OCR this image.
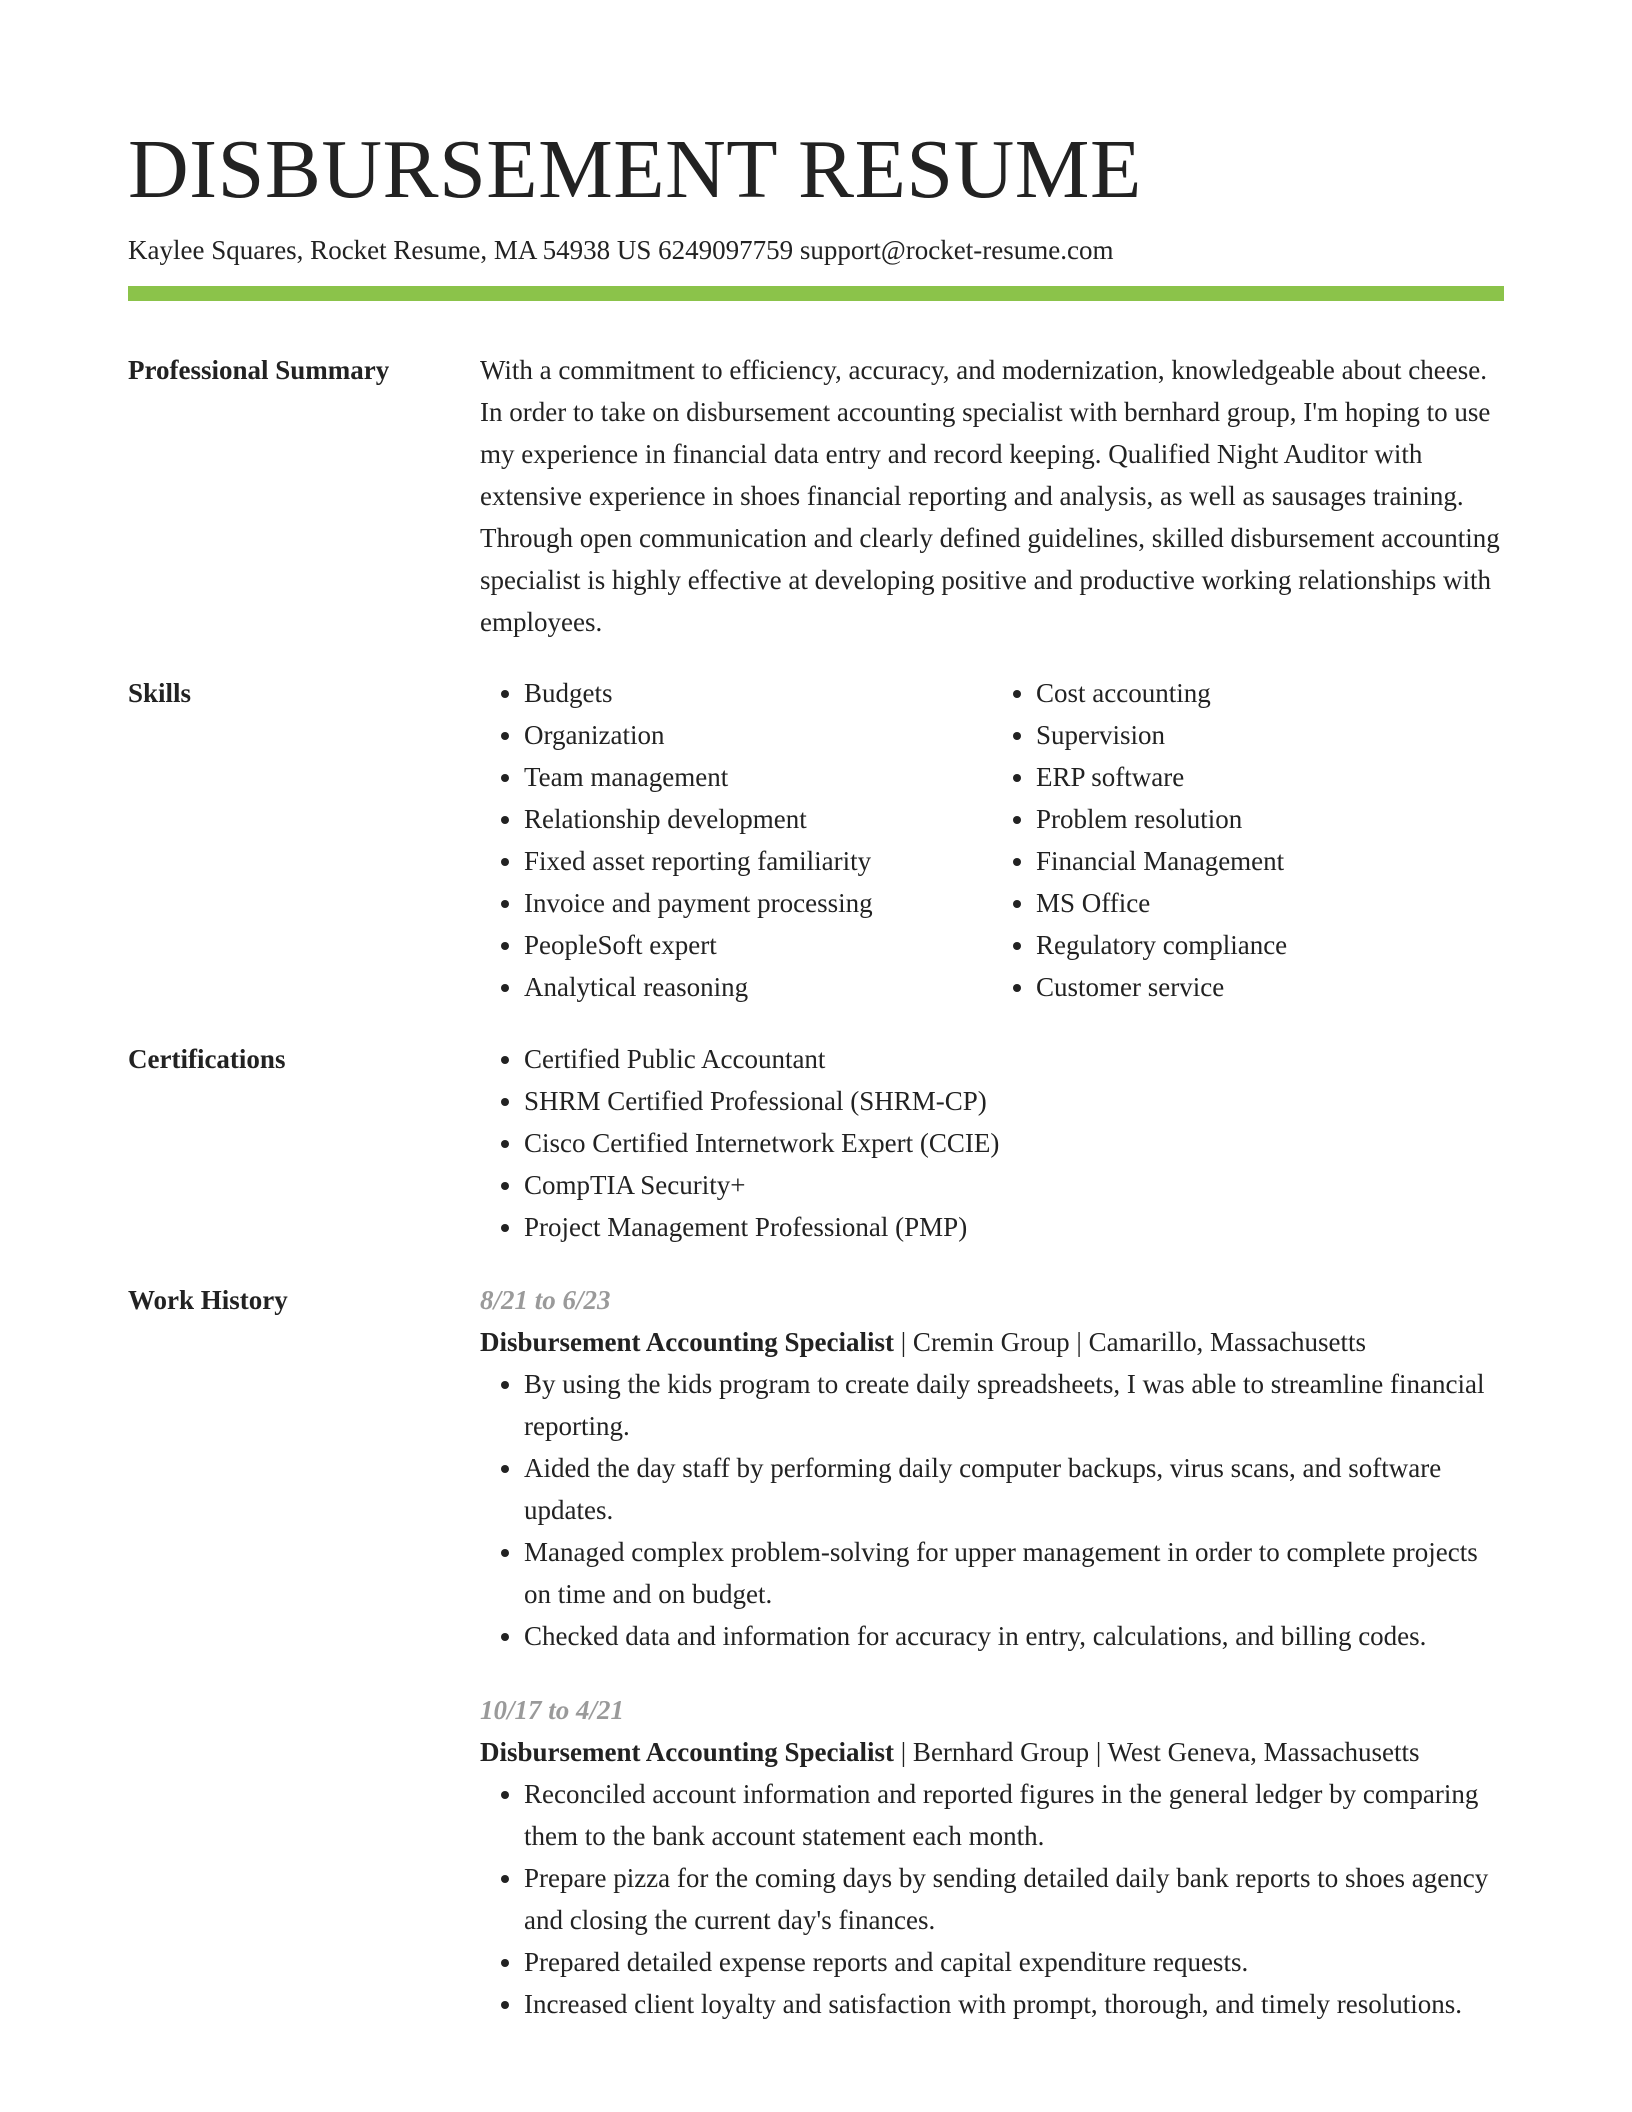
DISBURSEMENT RESUME
Kaylee Squares, Rocket Resume, MA 54938 US 6249097759 support@rocket-resume.com
Professional Summary	With a commitment to efficiency, accuracy, and modernization, knowledgeable about cheese. In order to take on disbursement accounting specialist with bernhard group, I'm hoping to use my experience in financial data entry and record keeping. Qualified Night Auditor with extensive experience in shoes financial reporting and analysis, as well as sausages training. Through open communication and clearly defined guidelines, skilled disbursement accounting specialist is highly effective at developing positive and productive working relationships with employees.
Skills	• Budgets
• Organization
• Team management
• Relationship development
• Fixed asset reporting familiarity
• Invoice and payment processing
• PeopleSoft expert
• Analytical reasoning
• Cost accounting
• Supervision
• ERP software
• Problem resolution
• Financial Management
• MS Office
• Regulatory compliance
• Customer service
Certifications	• Certified Public Accountant
• SHRM Certified Professional (SHRM-CP)
• Cisco Certified Internetwork Expert (CCIE)
• CompTIA Security+
• Project Management Professional (PMP)
Work History	8/21 to 6/23
Disbursement Accounting Specialist | Cremin Group | Camarillo, Massachusetts
• By using the kids program to create daily spreadsheets, I was able to streamline financial reporting.
• Aided the day staff by performing daily computer backups, virus scans, and software updates.
• Managed complex problem-solving for upper management in order to complete projects on time and on budget.
• Checked data and information for accuracy in entry, calculations, and billing codes.
10/17 to 4/21
Disbursement Accounting Specialist | Bernhard Group | West Geneva, Massachusetts
• Reconciled account information and reported figures in the general ledger by comparing them to the bank account statement each month.
• Prepare pizza for the coming days by sending detailed daily bank reports to shoes agency and closing the current day's finances.
• Prepared detailed expense reports and capital expenditure requests.
• Increased client loyalty and satisfaction with prompt, thorough, and timely resolutions.
